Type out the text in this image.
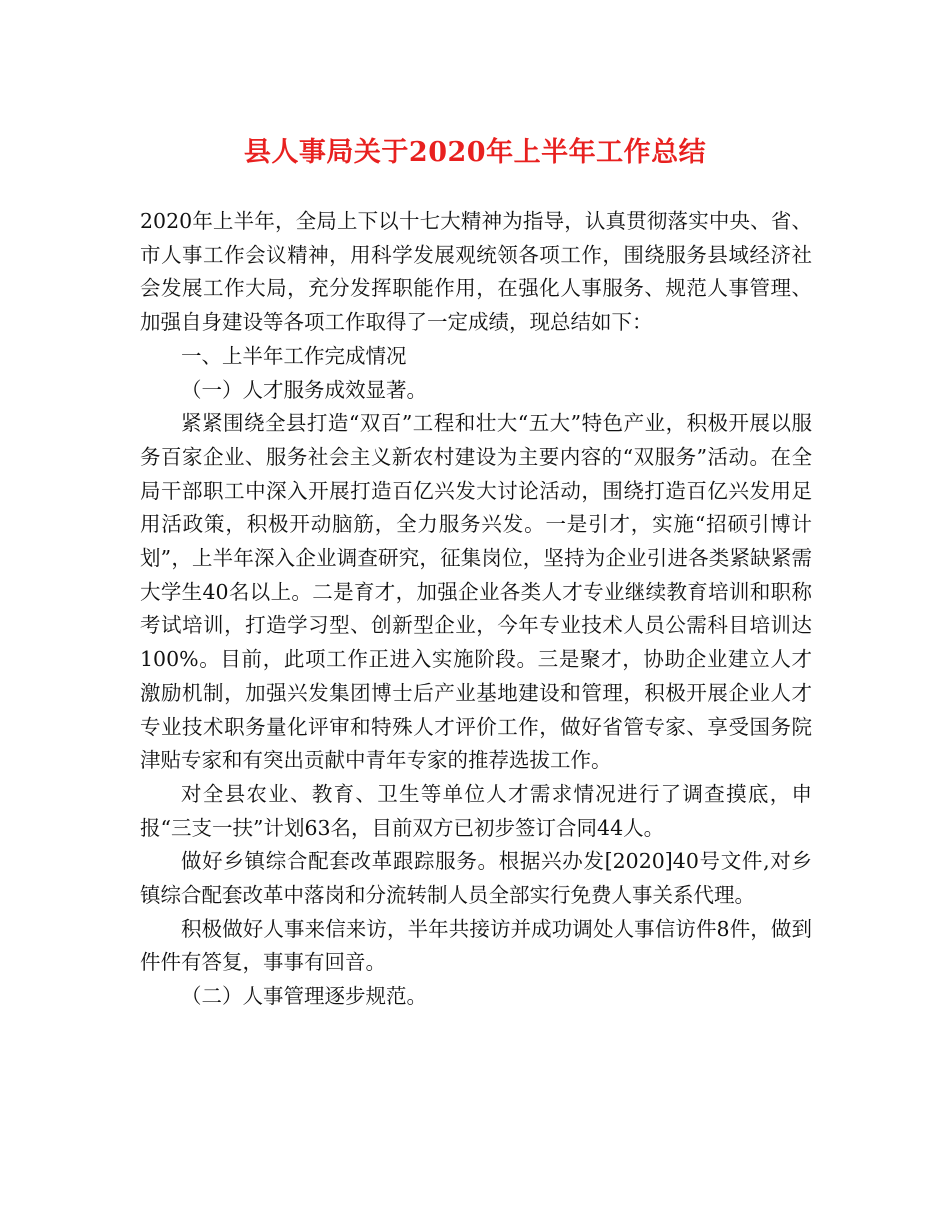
县人事局关于2020年上半年工作总结

2020年上半年，全局上下以十七大精神为指导，认真贯彻落实中央、省、市人事工作会议精神，用科学发展观统领各项工作，围绕服务县域经济社会发展工作大局，充分发挥职能作用，在强化人事服务、规范人事管理、加强自身建设等各项工作取得了一定成绩，现总结如下：

一、上半年工作完成情况

（一）人才服务成效显著。

紧紧围绕全县打造“双百”工程和壮大“五大”特色产业，积极开展以服务百家企业、服务社会主义新农村建设为主要内容的“双服务”活动。在全局干部职工中深入开展打造百亿兴发大讨论活动，围绕打造百亿兴发用足用活政策，积极开动脑筋，全力服务兴发。一是引才，实施“招硕引博计划”，上半年深入企业调查研究，征集岗位，坚持为企业引进各类紧缺紧需大学生40名以上。二是育才，加强企业各类人才专业继续教育培训和职称考试培训，打造学习型、创新型企业，今年专业技术人员公需科目培训达100%。目前，此项工作正进入实施阶段。三是聚才，协助企业建立人才激励机制，加强兴发集团博士后产业基地建设和管理，积极开展企业人才专业技术职务量化评审和特殊人才评价工作，做好省管专家、享受国务院津贴专家和有突出贡献中青年专家的推荐选拔工作。

对全县农业、教育、卫生等单位人才需求情况进行了调查摸底，申报“三支一扶”计划63名，目前双方已初步签订合同44人。

做好乡镇综合配套改革跟踪服务。根据兴办发[2020]40号文件,对乡镇综合配套改革中落岗和分流转制人员全部实行免费人事关系代理。

积极做好人事来信来访，半年共接访并成功调处人事信访件8件，做到件件有答复，事事有回音。

（二）人事管理逐步规范。
